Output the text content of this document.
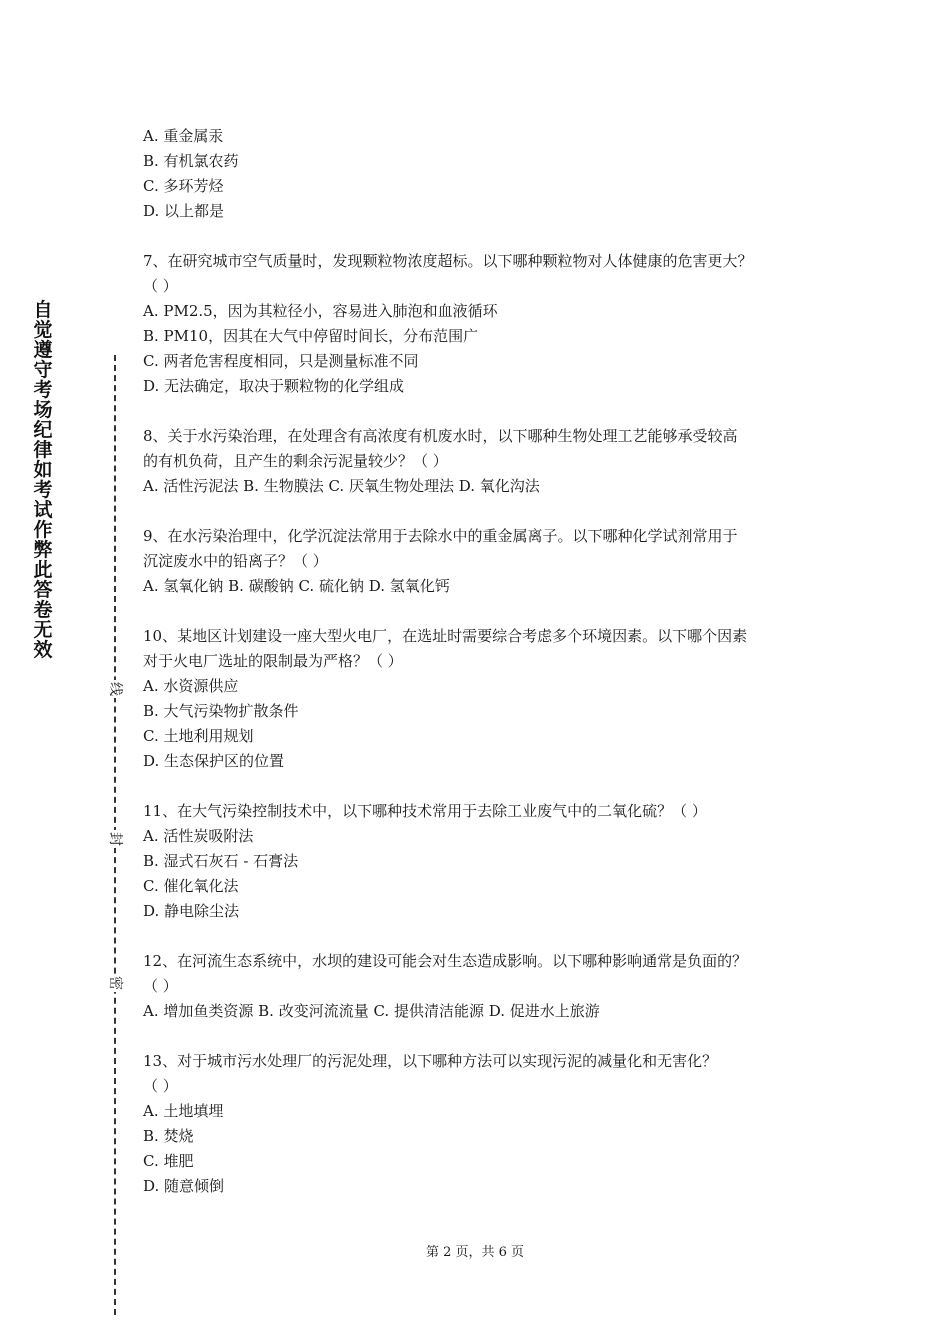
自觉遵守考场纪律如考试作弊此答卷无效
线
封
密
A. 重金属汞
B. 有机氯农药
C. 多环芳烃
D. 以上都是
7、在研究城市空气质量时，发现颗粒物浓度超标。以下哪种颗粒物对人体健康的危害更大？
（ ）
A. PM2.5，因为其粒径小，容易进入肺泡和血液循环
B. PM10，因其在大气中停留时间长，分布范围广
C. 两者危害程度相同，只是测量标准不同
D. 无法确定，取决于颗粒物的化学组成
8、关于水污染治理，在处理含有高浓度有机废水时，以下哪种生物处理工艺能够承受较高
的有机负荷，且产生的剩余污泥量较少？（ ）
A. 活性污泥法 B. 生物膜法 C. 厌氧生物处理法 D. 氧化沟法
9、在水污染治理中，化学沉淀法常用于去除水中的重金属离子。以下哪种化学试剂常用于
沉淀废水中的铅离子？（ ）
A. 氢氧化钠 B. 碳酸钠 C. 硫化钠 D. 氢氧化钙
10、某地区计划建设一座大型火电厂，在选址时需要综合考虑多个环境因素。以下哪个因素
对于火电厂选址的限制最为严格？（ ）
A. 水资源供应
B. 大气污染物扩散条件
C. 土地利用规划
D. 生态保护区的位置
11、在大气污染控制技术中，以下哪种技术常用于去除工业废气中的二氧化硫？（ ）
A. 活性炭吸附法
B. 湿式石灰石 - 石膏法
C. 催化氧化法
D. 静电除尘法
12、在河流生态系统中，水坝的建设可能会对生态造成影响。以下哪种影响通常是负面的？
（ ）
A. 增加鱼类资源 B. 改变河流流量 C. 提供清洁能源 D. 促进水上旅游
13、对于城市污水处理厂的污泥处理，以下哪种方法可以实现污泥的减量化和无害化？
（ ）
A. 土地填埋
B. 焚烧
C. 堆肥
D. 随意倾倒
第 2 页，共 6 页
